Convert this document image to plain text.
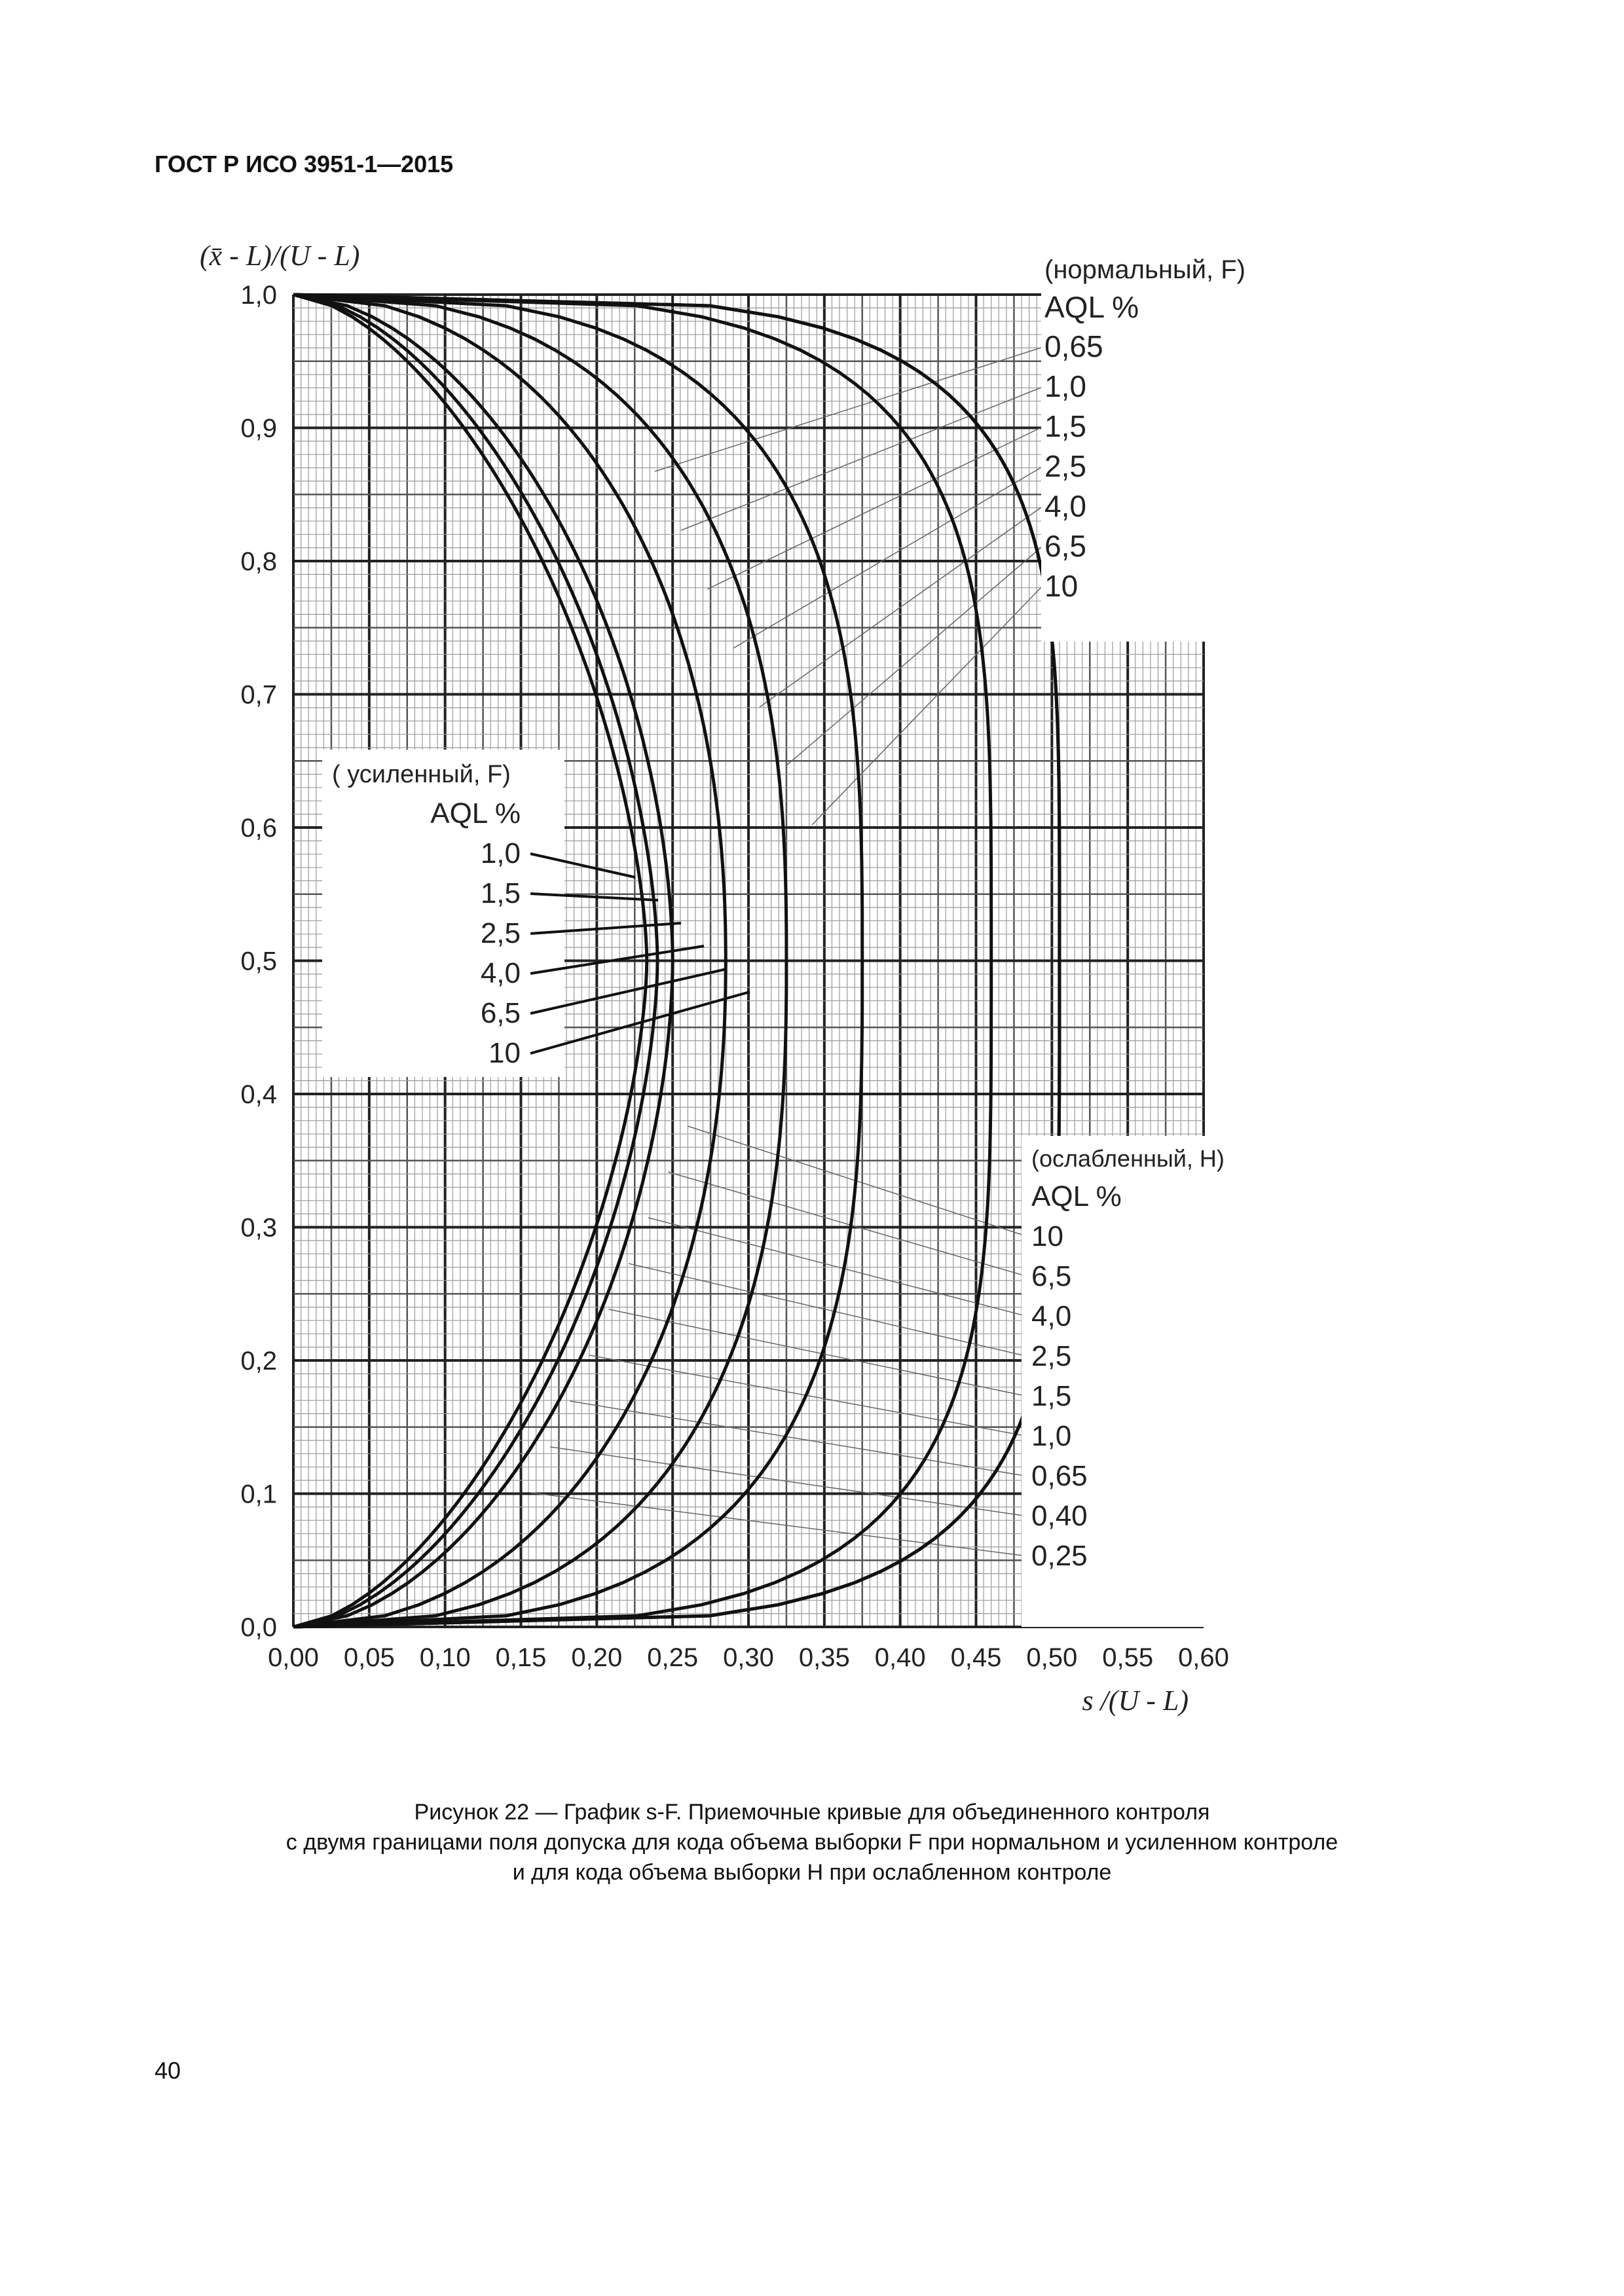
ГОСТ Р ИСО 3951-1—2015
(нормальный, F)
AQL %
0,65
1,0
1,5
2,5
4,0
6,5
10
( усиленный, F)
AQL %
1,0
1,5
2,5
4,0
6,5
10
(ослабленный, H)
AQL %
10
6,5
4,0
2,5
1,5
1,0
0,65
0,40
0,25
0,00 0,05 0,10 0,15 0,20 0,25 0,30 0,35 0,40 0,45 0,50 0,55 0,60
0,0
0,1
0,2
0,3
0,4
0,5
0,6
0,7
0,8
0,9
1,0
(x̄ - L)/(U - L)
s /(U - L)
Рисунок 22 — График s-F. Приемочные кривые для объединенного контроля
с двумя границами поля допуска для кода объема выборки F при нормальном и усиленном контроле
и для кода объема выборки H при ослабленном контроле
40
